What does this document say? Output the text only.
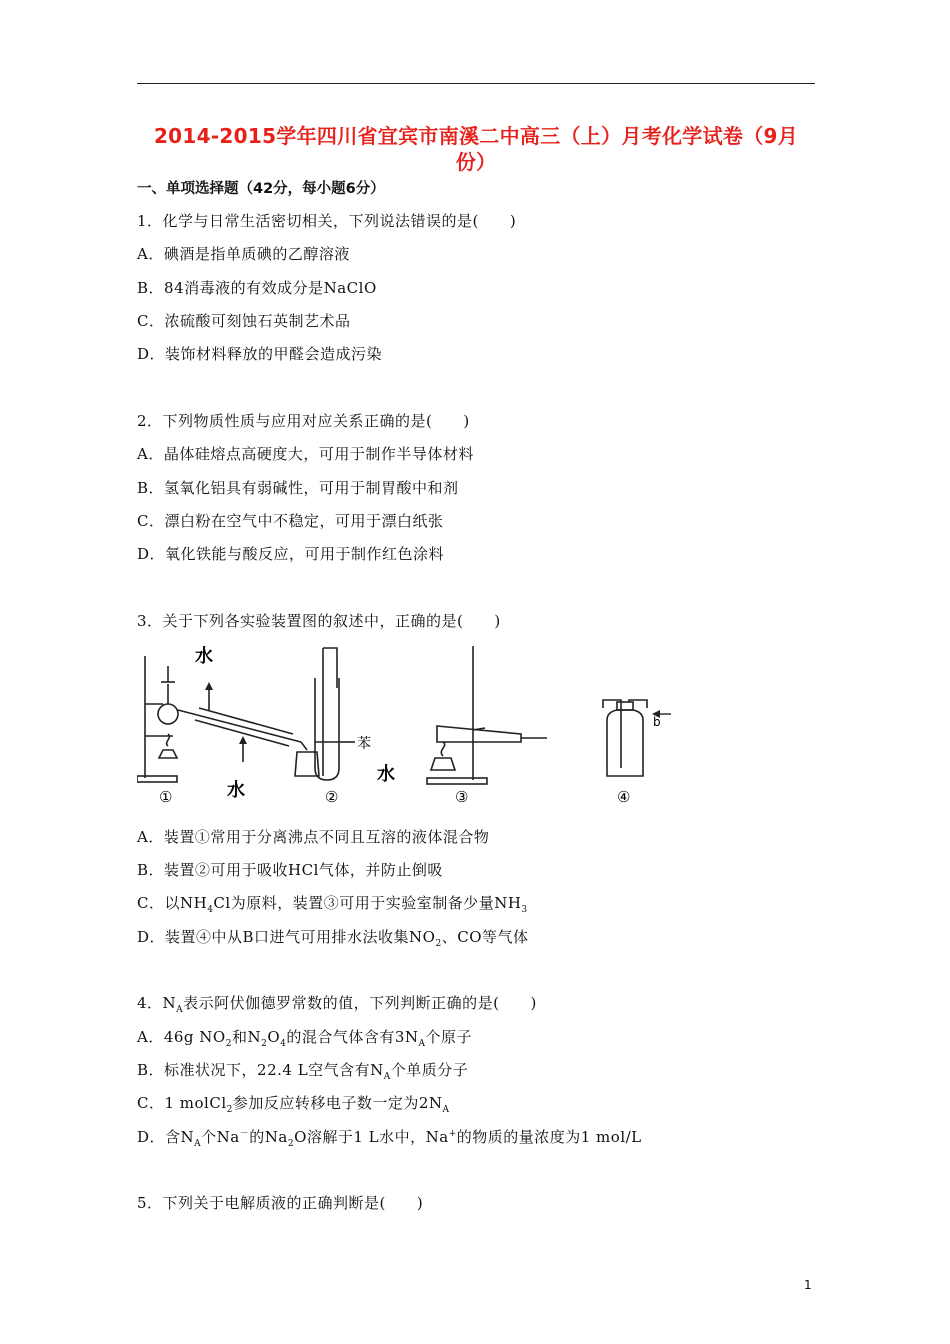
2014-2015学年四川省宜宾市南溪二中高三（上）月考化学试卷（9月
份）
一、单项选择题（42分，每小题6分）
1．化学与日常生活密切相关，下列说法错误的是(　　)
A．碘酒是指单质碘的乙醇溶液
B．84消毒液的有效成分是NaClO
C．浓硫酸可刻蚀石英制艺术品
D．装饰材料释放的甲醛会造成污染
2．下列物质性质与应用对应关系正确的是(　　)
A．晶体硅熔点高硬度大，可用于制作半导体材料
B．氢氧化铝具有弱碱性，可用于制胃酸中和剂
C．漂白粉在空气中不稳定，可用于漂白纸张
D．氧化铁能与酸反应，可用于制作红色涂料
3．关于下列各实验装置图的叙述中，正确的是(　　)
水
水
水
苯
b
①	②	③	④
A．装置①常用于分离沸点不同且互溶的液体混合物
B．装置②可用于吸收HCl气体，并防止倒吸
C．以$NH_4Cl$为原料，装置③可用于实验室制备少量$NH_3$
D．装置④中从B口进气可用排水法收集$NO_2$、CO等气体
4．$N_A$表示阿伏伽德罗常数的值，下列判断正确的是(　　)
A．46g $NO_2$和$N_2O_4$的混合气体含有$3N_A$个原子
B．标准状况下，22.4 L空气含有$N_A$个单质分子
C．1 molCl$_2$参加反应转移电子数一定为$2N_A$
D．含$N_A$个Na－的$Na_2O$溶解于1 L水中，Na+的物质的量浓度为1 mol/L
5．下列关于电解质液的正确判断是(　　)
1
